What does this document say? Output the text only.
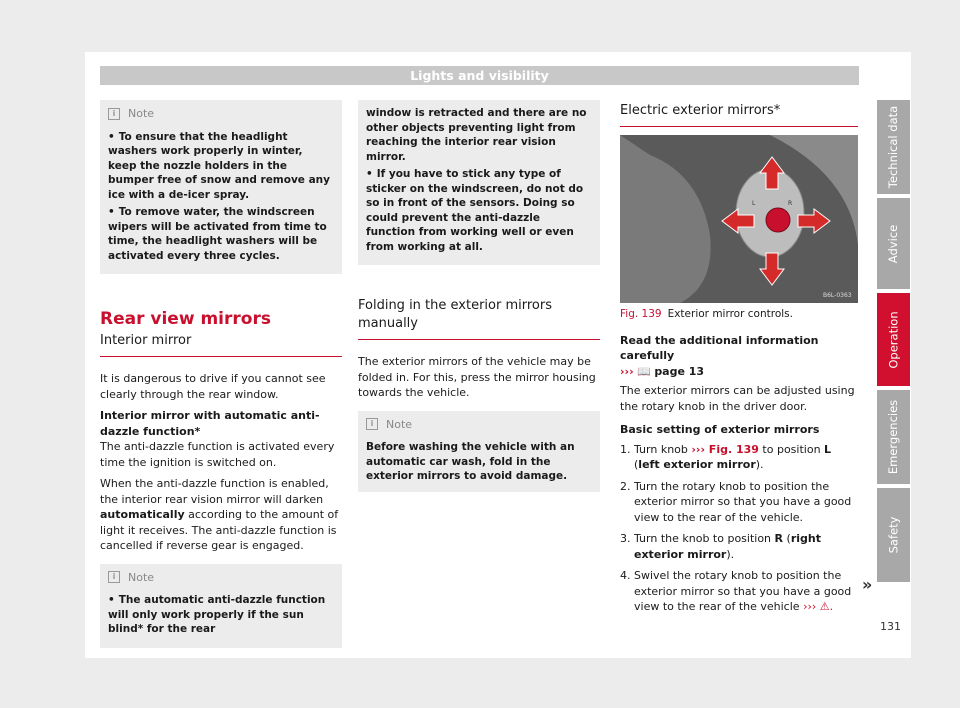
Lights and visibility
i	Note
• To ensure that the headlight washers work properly in winter, keep the nozzle holders in the bumper free of snow and remove any ice with a de-icer spray.
• To remove water, the windscreen wipers will be activated from time to time, the headlight washers will be activated every three cycles.
Rear view mirrors
Interior mirror

It is dangerous to drive if you cannot see clearly through the rear window.

Interior mirror with automatic anti-dazzle function*

The anti-dazzle function is activated every time the ignition is switched on.

When the anti-dazzle function is enabled, the interior rear vision mirror will darken automatically according to the amount of light it receives. The anti-dazzle function is cancelled if reverse gear is engaged.

i	Note
• The automatic anti-dazzle function will only work properly if the sun blind* for the rear
window is retracted and there are no other objects preventing light from reaching the interior rear vision mirror.
• If you have to stick any type of sticker on the windscreen, do not do so in front of the sensors. Doing so could prevent the anti-dazzle function from working well or even from working at all.
Folding in the exterior mirrors manually

The exterior mirrors of the vehicle may be folded in. For this, press the mirror housing towards the vehicle.

i	Note
Before washing the vehicle with an automatic car wash, fold in the exterior mirrors to avoid damage.
Electric exterior mirrors*
L	R
B6L-0363
Fig. 139 Exterior mirror controls.

Read the additional information carefully

››› 📖 page 13

The exterior mirrors can be adjusted using the rotary knob in the driver door.

Basic setting of exterior mirrors

1. Turn knob ››› Fig. 139 to position L (left exterior mirror).
2. Turn the rotary knob to position the exterior mirror so that you have a good view to the rear of the vehicle.
3. Turn the knob to position R (right exterior mirror).
4. Swivel the rotary knob to position the exterior mirror so that you have a good view to the rear of the vehicle ››› ⚠.
»
Technical data
Advice
Operation
Emergencies
Safety
131
